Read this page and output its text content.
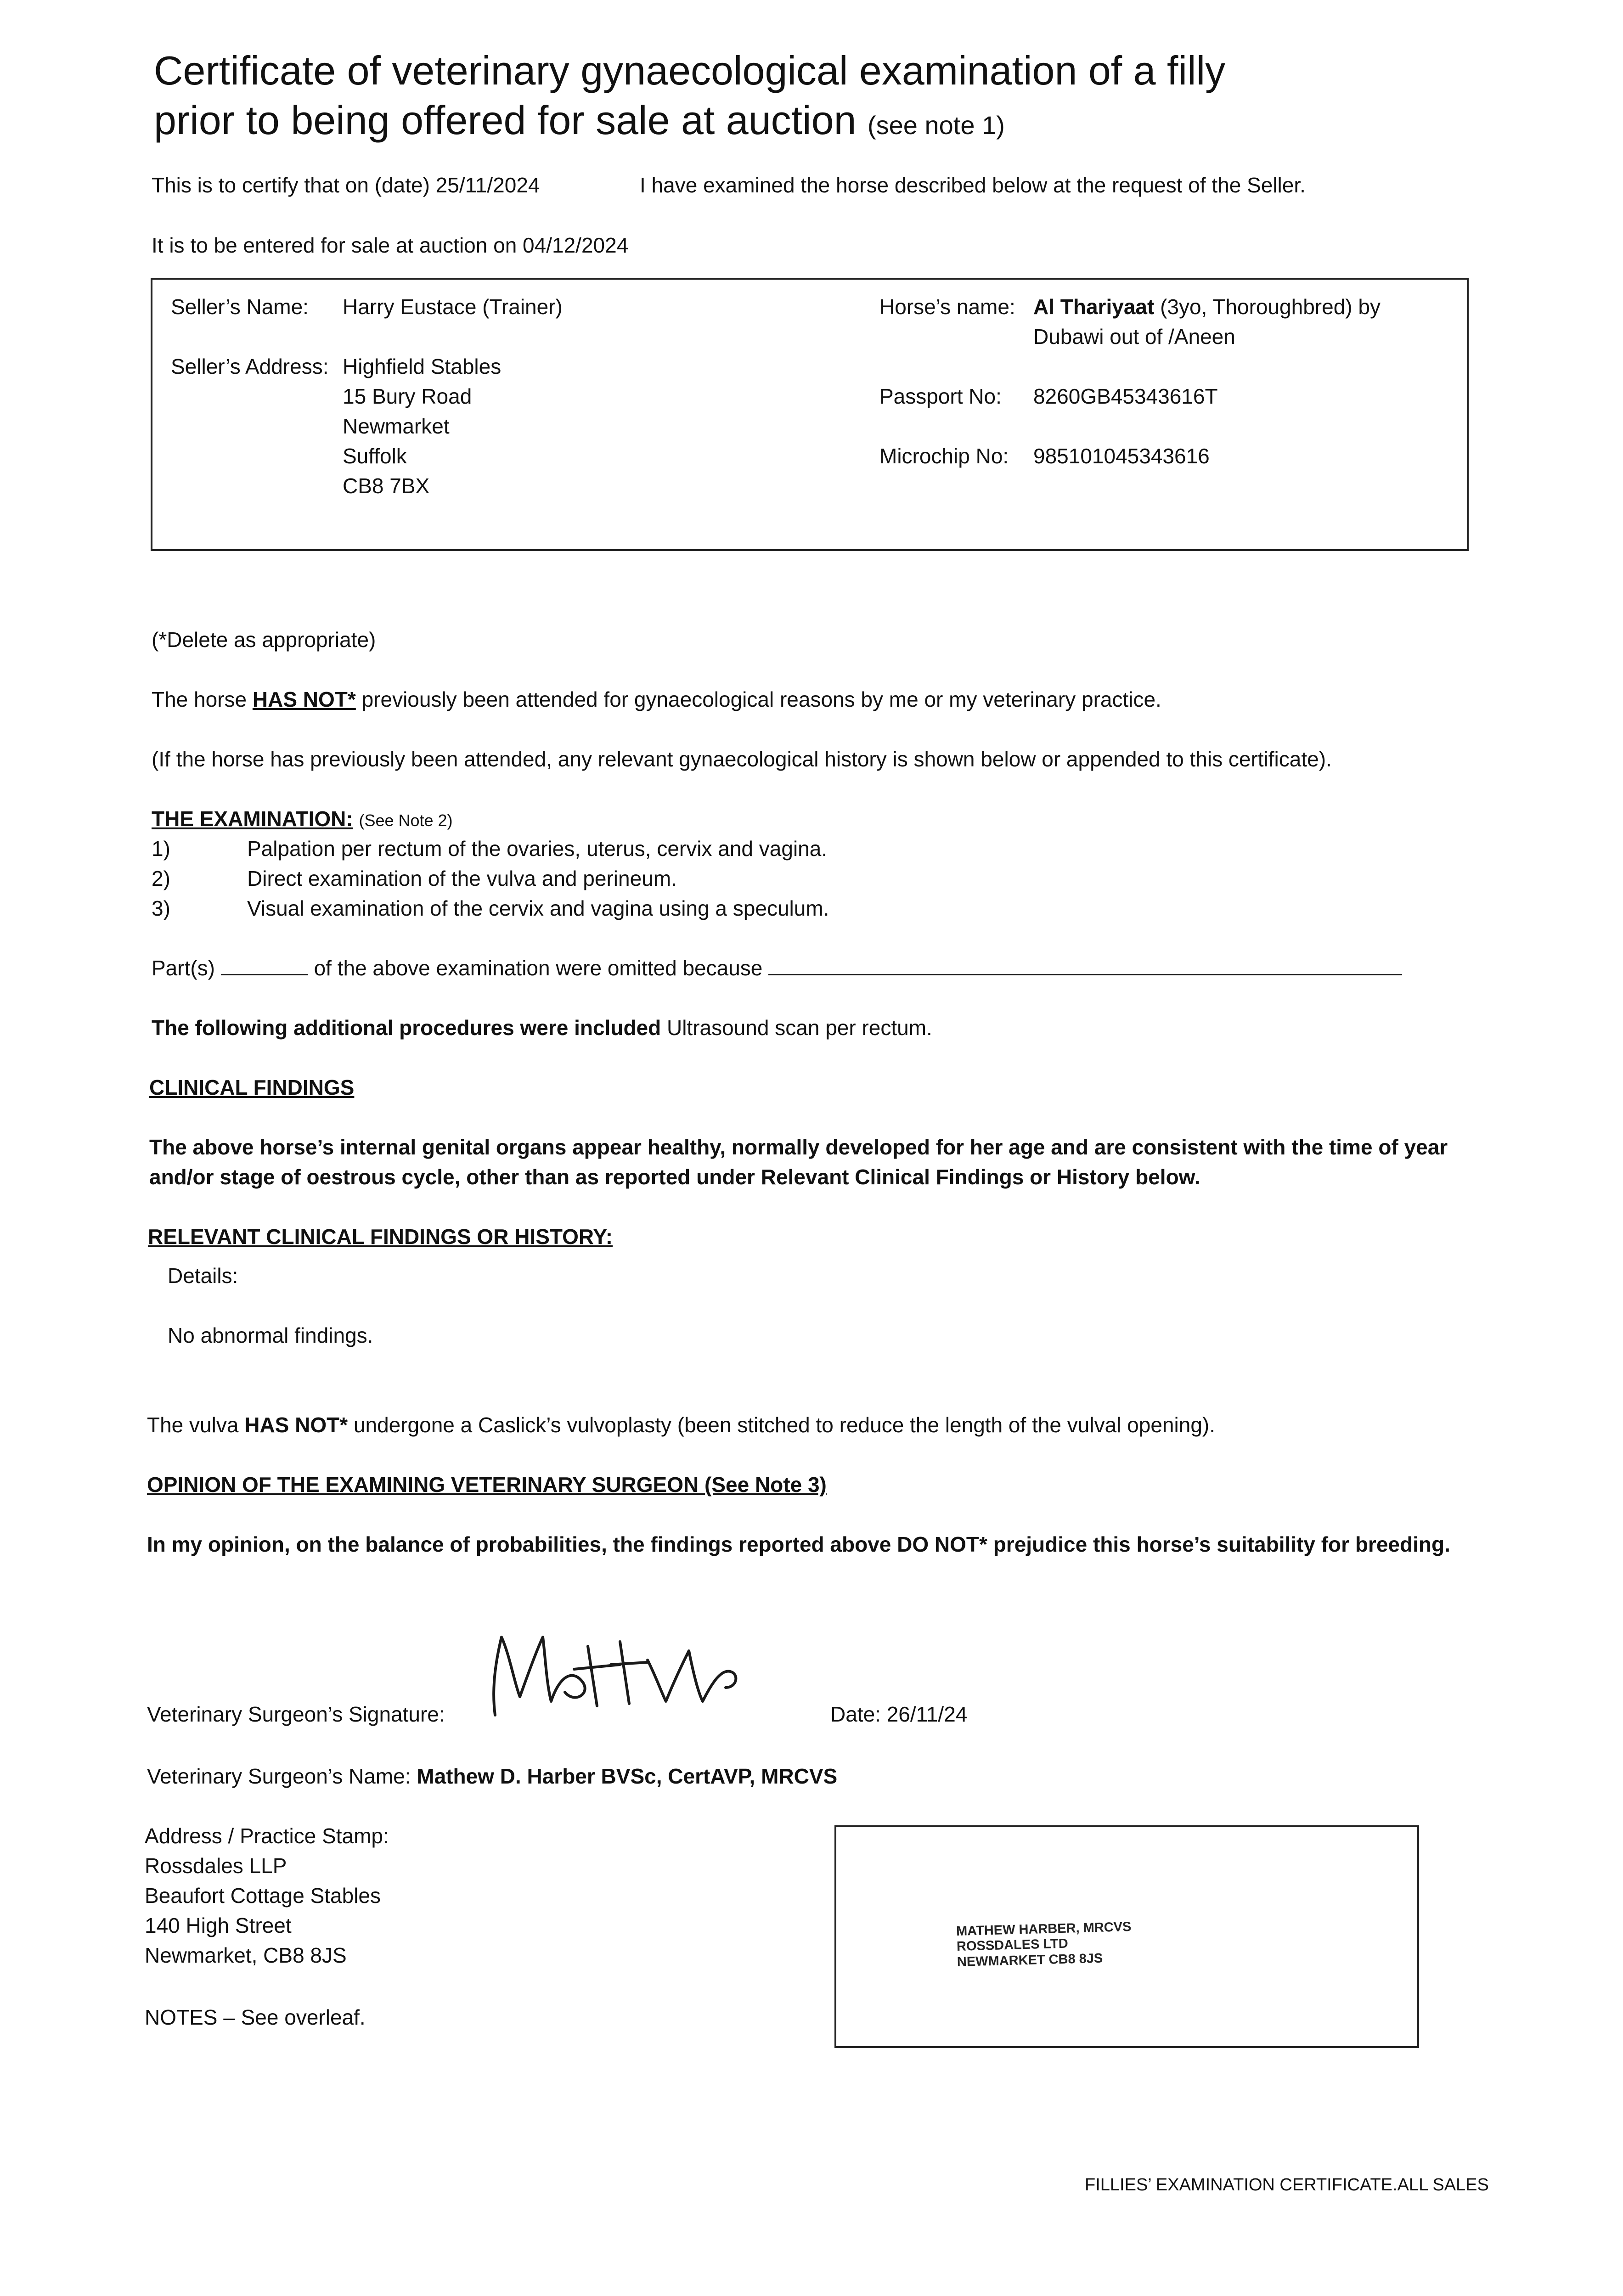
Certificate of veterinary gynaecological examination of a filly
prior to being offered for sale at auction (see note 1)
This is to certify that on (date) 25/11/2024	I have examined the horse described below at the request of the Seller.
It is to be entered for sale at auction on 04/12/2024
Seller’s Name: Harry Eustace (Trainer)
Seller’s Address: Highfield Stables
15 Bury Road
Newmarket
Suffolk
CB8 7BX
Horse’s name: Al Thariyaat (3yo, Thoroughbred) by
Dubawi out of /Aneen
Passport No: 8260GB45343616T
Microchip No: 985101045343616
(*Delete as appropriate)
The horse HAS NOT* previously been attended for gynaecological reasons by me or my veterinary practice.
(If the horse has previously been attended, any relevant gynaecological history is shown below or appended to this certificate).
THE EXAMINATION: (See Note 2)
1)	Palpation per rectum of the ovaries, uterus, cervix and vagina.
2)	Direct examination of the vulva and perineum.
3)	Visual examination of the cervix and vagina using a speculum.
Part(s)	of the above examination were omitted because
The following additional procedures were included Ultrasound scan per rectum.
CLINICAL FINDINGS
The above horse’s internal genital organs appear healthy, normally developed for her age and are consistent with the time of year
and/or stage of oestrous cycle, other than as reported under Relevant Clinical Findings or History below.
RELEVANT CLINICAL FINDINGS OR HISTORY:
Details:
No abnormal findings.
The vulva HAS NOT* undergone a Caslick’s vulvoplasty (been stitched to reduce the length of the vulval opening).
OPINION OF THE EXAMINING VETERINARY SURGEON (See Note 3)
In my opinion, on the balance of probabilities, the findings reported above DO NOT* prejudice this horse’s suitability for breeding.
Veterinary Surgeon’s Signature:	Date: 26/11/24
Veterinary Surgeon’s Name: Mathew D. Harber BVSc, CertAVP, MRCVS
Address / Practice Stamp:
Rossdales LLP
Beaufort Cottage Stables
140 High Street
Newmarket, CB8 8JS
NOTES – See overleaf.
MATHEW HARBER, MRCVS
ROSSDALES LTD
NEWMARKET CB8 8JS
FILLIES’ EXAMINATION CERTIFICATE.ALL SALES
